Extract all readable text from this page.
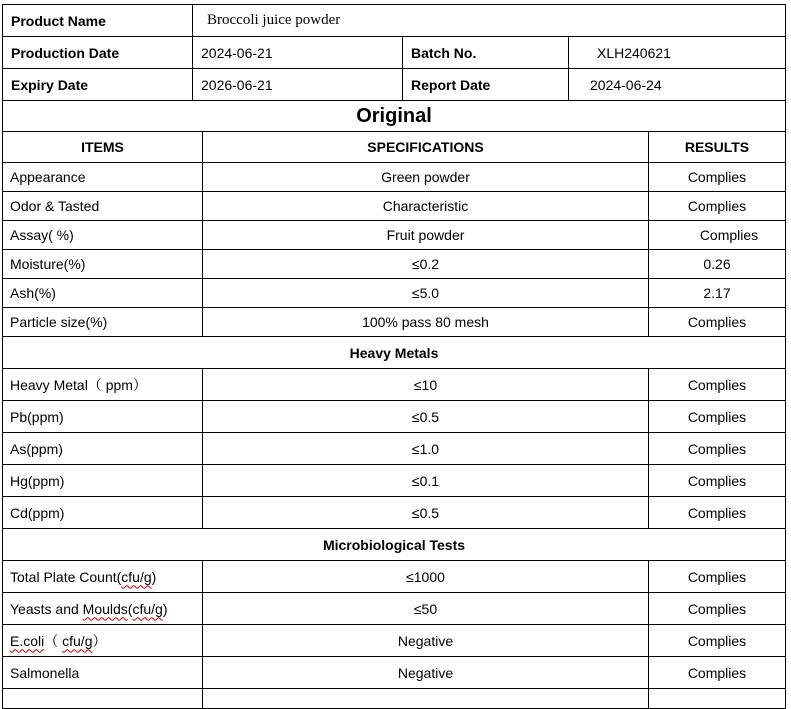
Product Name	Broccoli juice powder				
Production Date	2024-06-21		Batch No.	XLH240621	
Expiry Date	2026-06-21		Report Date	2024-06-24	
Original					
ITEMS		SPECIFICATIONS			RESULTS
Appearance		Green powder			Complies
Odor & Tasted		Characteristic			Complies
Assay( %)		Fruit powder			Complies
Moisture(%)		≤0.2			0.26
Ash(%)		≤5.0			2.17
Particle size(%)		100% pass 80 mesh			Complies
Heavy Metals					
Heavy Metal（ ppm）		≤10			Complies
Pb(ppm)		≤0.5			Complies
As(ppm)		≤1.0			Complies
Hg(ppm)		≤0.1			Complies
Cd(ppm)		≤0.5			Complies
Microbiological Tests					
Total Plate Count(cfu/g)		≤1000			Complies
Yeasts and Moulds(cfu/g)		≤50			Complies
E.coli（ cfu/g）		Negative			Complies
Salmonella		Negative			Complies
